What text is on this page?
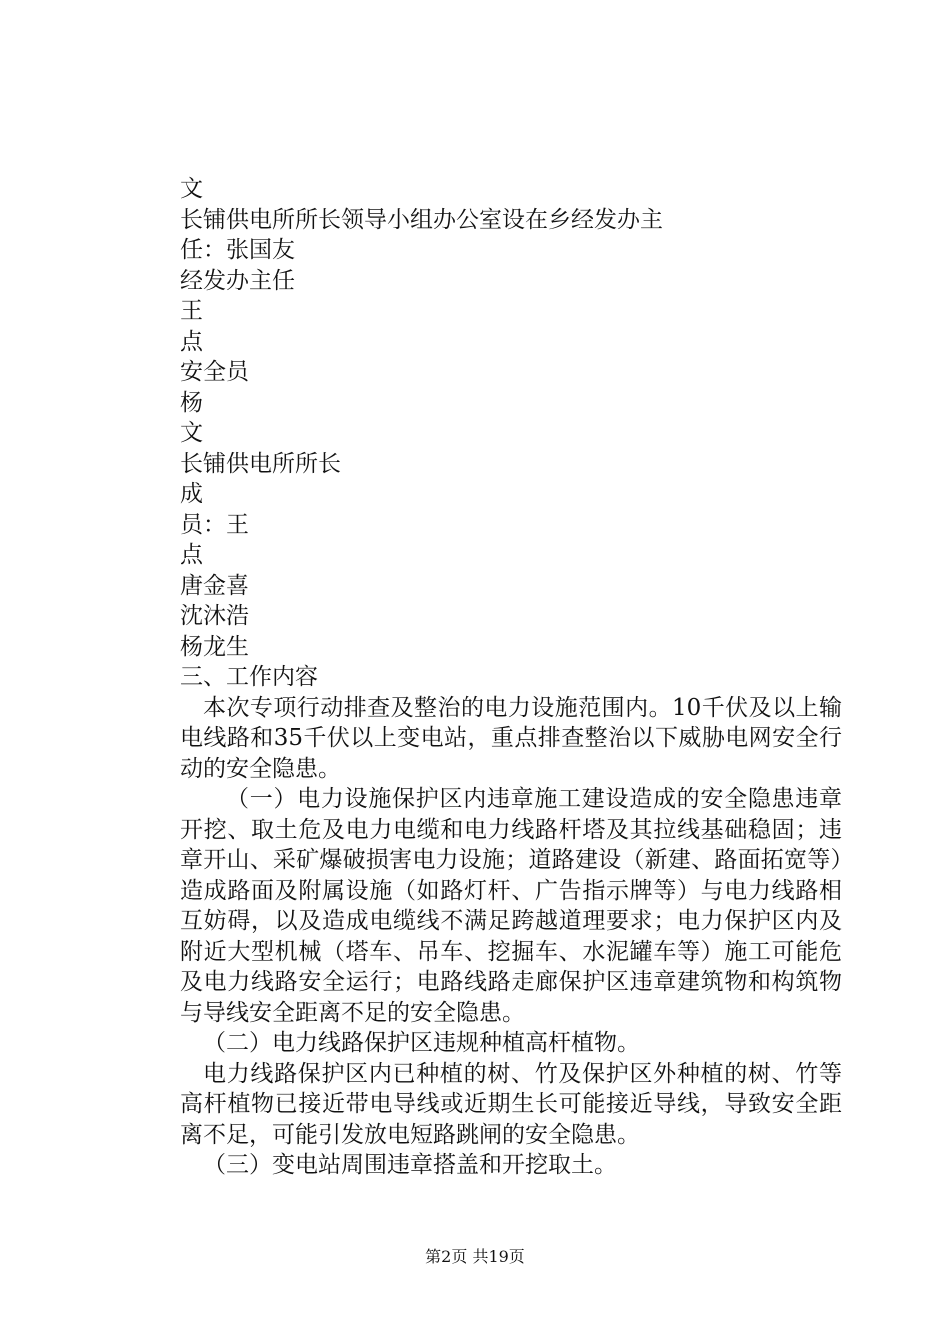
文
长铺供电所所长领导小组办公室设在乡经发办主
任：张国友
经发办主任
王
点
安全员
杨
文
长铺供电所所长
成
员：王
点
唐金喜
沈沐浩
杨龙生
三、工作内容

本次专项行动排查及整治的电力设施范围内。10千伏及以上输电线路和35千伏以上变电站，重点排查整治以下威胁电网安全行动的安全隐患。

（一）电力设施保护区内违章施工建设造成的安全隐患违章开挖、取土危及电力电缆和电力线路杆塔及其拉线基础稳固；违章开山、采矿爆破损害电力设施；道路建设（新建、路面拓宽等）造成路面及附属设施（如路灯杆、广告指示牌等）与电力线路相互妨碍，以及造成电缆线不满足跨越道理要求；电力保护区内及附近大型机械（塔车、吊车、挖掘车、水泥罐车等）施工可能危及电力线路安全运行；电路线路走廊保护区违章建筑物和构筑物与导线安全距离不足的安全隐患。

（二）电力线路保护区违规种植高杆植物。

电力线路保护区内已种植的树、竹及保护区外种植的树、竹等高杆植物已接近带电导线或近期生长可能接近导线，导致安全距离不足，可能引发放电短路跳闸的安全隐患。

（三）变电站周围违章搭盖和开挖取土。

第2页 共19页
